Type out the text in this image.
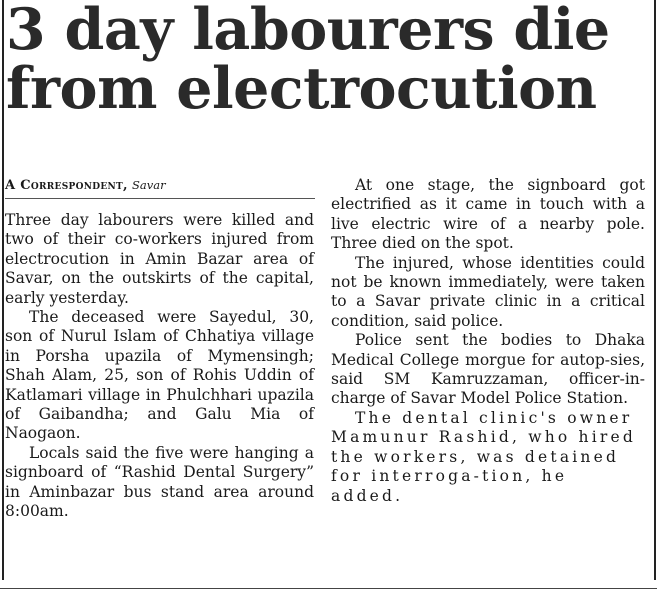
3 day labourers die from electrocution
A Correspondent, Savar

Three day labourers were killed and two of their co-workers injured from electrocution in Amin Bazar area of Savar, on the outskirts of the capital, early yesterday.

The deceased were Sayedul, 30, son of Nurul Islam of Chhatiya village in Porsha upazila of Mymensingh; Shah Alam, 25, son of Rohis Uddin of Katlamari village in Phulchhari upazila of Gaibandha; and Galu Mia of Naogaon.

Locals said the five were hanging a signboard of “Rashid Dental Surgery” in Aminbazar bus stand area around 8:00am.

At one stage, the signboard got electrified as it came in touch with a live electric wire of a nearby pole. Three died on the spot.

The injured, whose identities could not be known immediately, were taken to a Savar private clinic in a critical condition, said police.

Police sent the bodies to Dhaka Medical College morgue for autop-sies, said SM Kamruzzaman, officer-in-charge of Savar Model Police Station.

The dental clinic's owner Mamunur Rashid, who hired the workers, was detained for interroga-tion, he added.
